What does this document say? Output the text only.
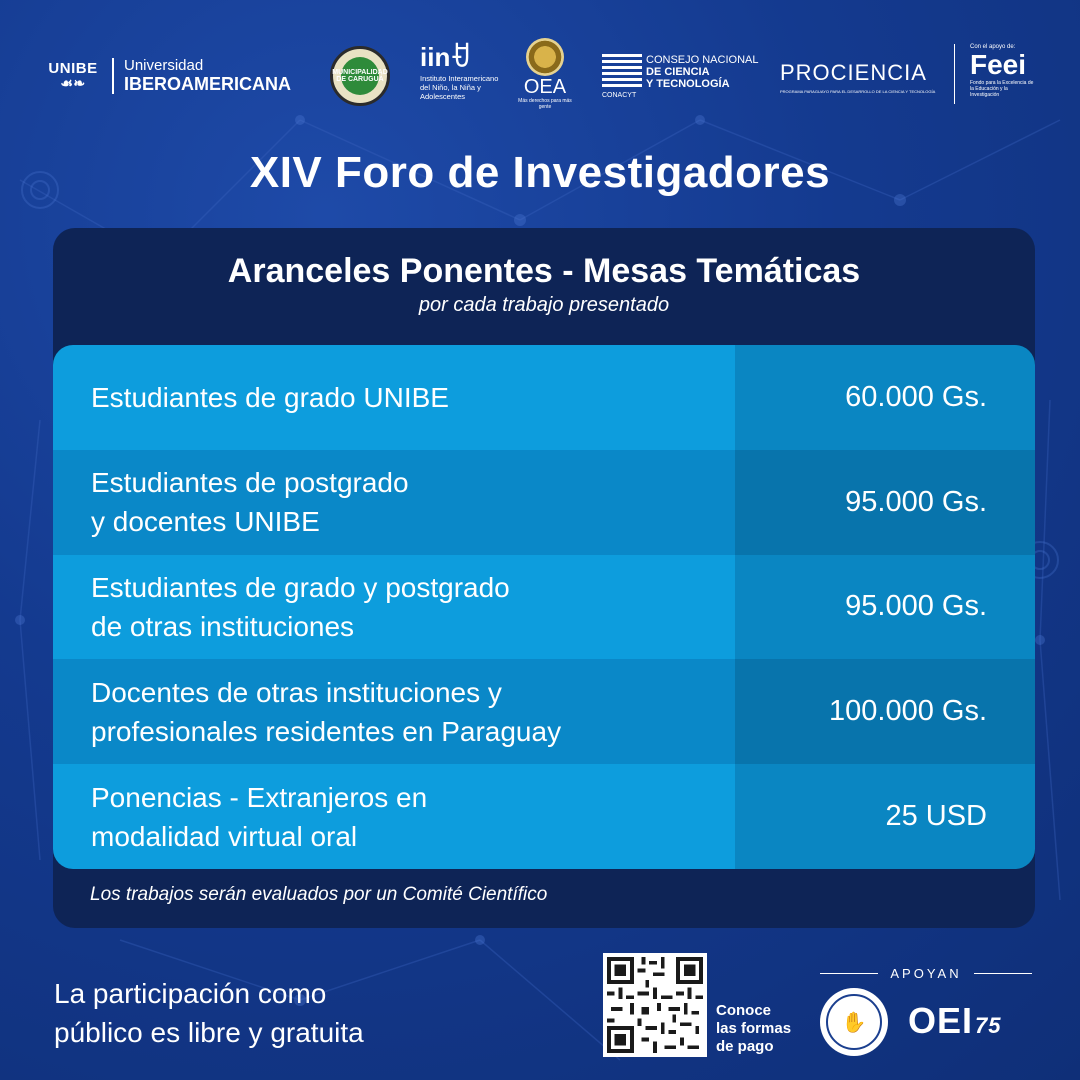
UNIBE
☙❧
Universidad
IBEROAMERICANA
MUNICIPALIDAD DE CARUGUÁ
iinꀀ
Instituto Interamericano del Niño, la Niña y Adolescentes	OEA
Más derechos para más gente
CONACYT
CONSEJO NACIONAL
DE CIENCIA
Y TECNOLOGÍA	PROCIENCIA
PROGRAMA PARAGUAYO PARA EL DESARROLLO DE LA CIENCIA Y TECNOLOGÍA
Con el apoyo de:
Feei
Fondo para la Excelencia de la Educación y la Investigación
XIV Foro de Investigadores
Aranceles Ponentes - Mesas Temáticas
por cada trabajo presentado
Estudiantes de grado UNIBE	60.000 Gs.
Estudiantes de postgrado
y docentes UNIBE
95.000 Gs.
Estudiantes de grado y postgrado
de otras instituciones
95.000 Gs.
Docentes de otras instituciones y
profesionales residentes en Paraguay
100.000 Gs.
Ponencias - Extranjeros en
modalidad virtual oral
25 USD
Los trabajos serán evaluados por un Comité Científico
La participación como
público es libre y gratuita
Conoce
las formas
de pago
APOYAN
✋	OEI75
